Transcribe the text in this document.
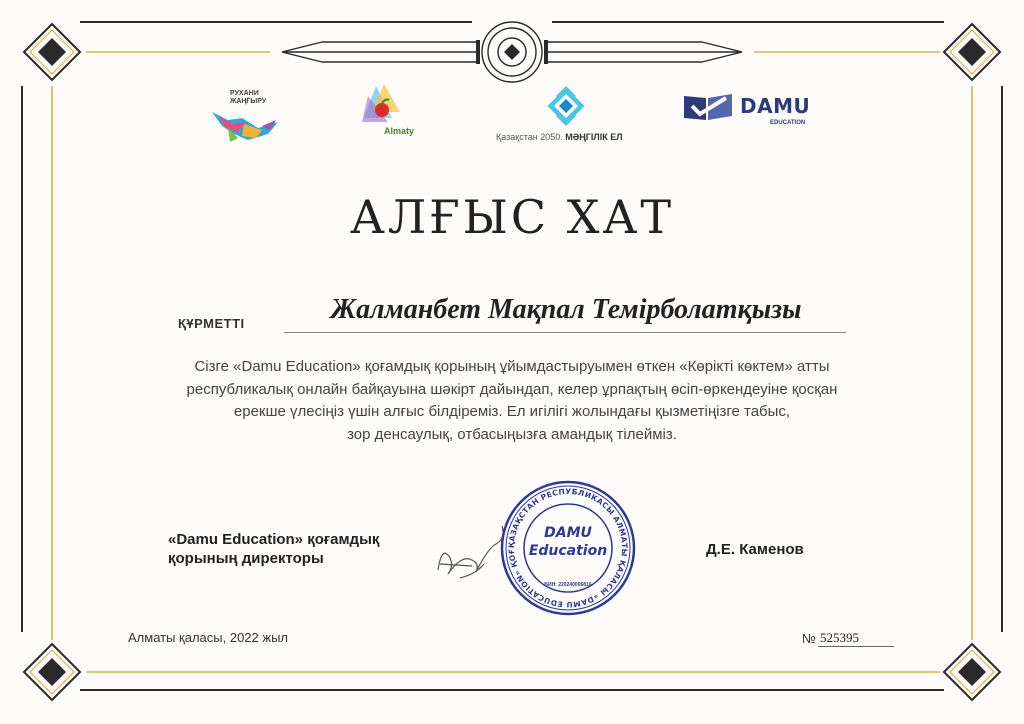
РУХАНИ ЖАҢҒЫРУ
Almaty
Қазақстан 2050. МӘҢГІЛІК ЕЛ
DAMU
EDUCATION
АЛҒЫС ХАТ
ҚҰРМЕТТІ	Жалманбет Мақпал Темірболатқызы
Сізге «Damu Education» қоғамдық қорының ұйымдастыруымен өткен «Көрікті көктем» атты
республикалық онлайн байқауына шәкірт дайындап, келер ұрпақтың өсіп-өркендеуіне қосқан
ерекше үлесіңіз үшін алғыс білдіреміз. Ел игілігі жолындағы қызметіңізге табыс,
зор денсаулық, отбасыңызға амандық тілейміз.
«Damu Education» қоғамдық
қорының директоры
ҚАЗАҚСТАН РЕСПУБЛИКАСЫ АЛМАТЫ ҚАЛАСЫ «DAMU EDUCATION» ҚОҒ
DAMU
Education
БИН: 220240006816
Д.Е. Каменов
Алматы қаласы, 2022 жыл	№ 525395
